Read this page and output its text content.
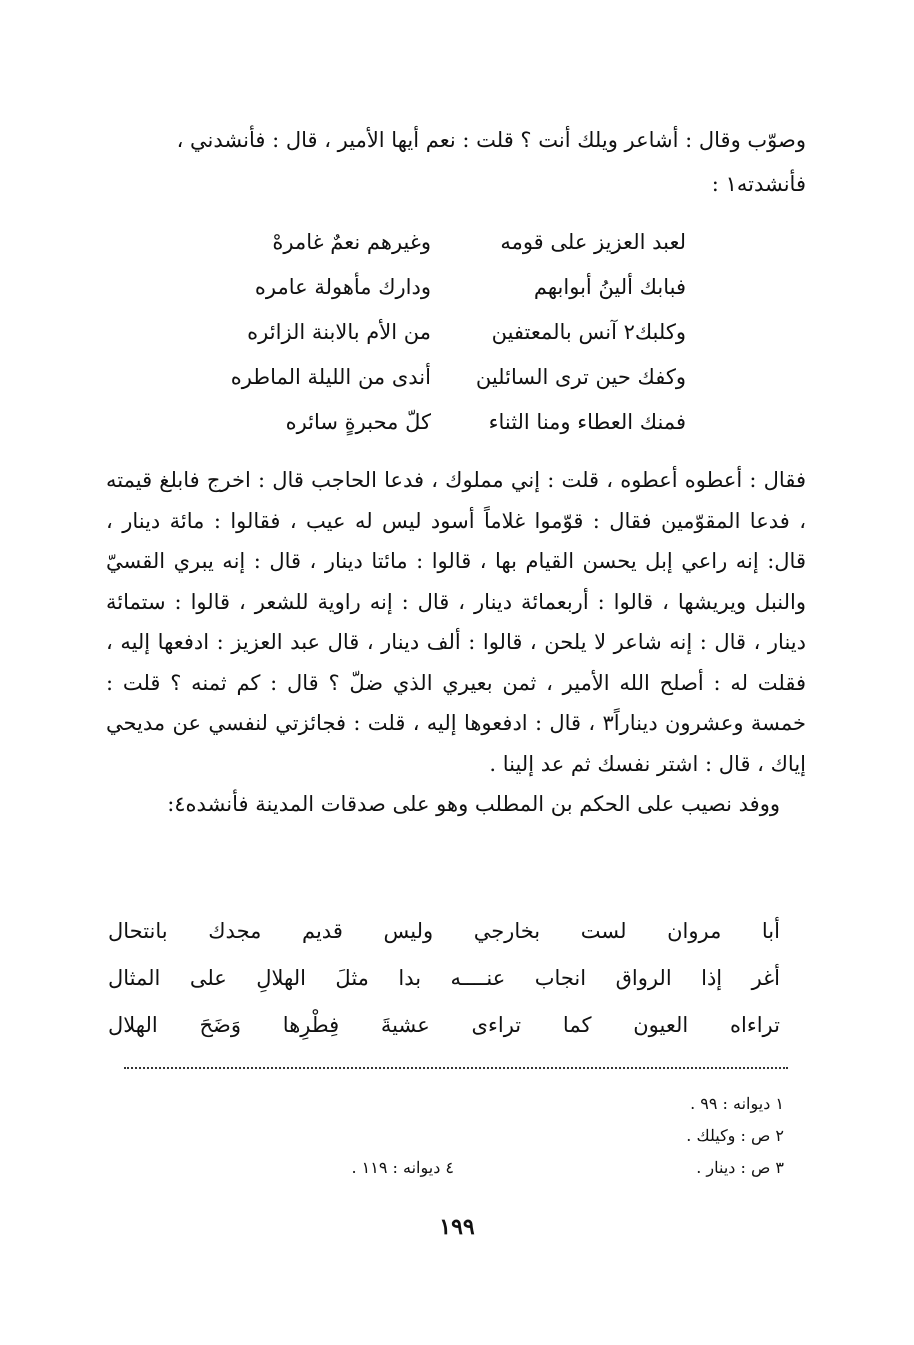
وصوّب وقال : أشاعر ويلك أنت ؟ قلت : نعم أيها الأمير ، قال : فأنشدني ،

فأنشدته١ :

لعبد العزيز على قومه
وغيرهم نعمٌ غامرهْ
فبابك ألينُ أبوابهم
ودارك مأهولة عامره
وكلبك٢ آنس بالمعتفين
من الأم بالابنة الزائره
وكفك حين ترى السائلين
أندى من الليلة الماطره
فمنك العطاء ومنا الثناء
كلّ محبرةٍ سائره

فقال : أعطوه أعطوه ، قلت : إني مملوك ، فدعا الحاجب قال : اخرج فابلغ قيمته ، فدعا المقوّمين فقال : قوّموا غلاماً أسود ليس له عيب ، فقالوا : مائة دينار ، قال: إنه راعي إبل يحسن القيام بها ، قالوا : مائتا دينار ، قال : إنه يبري القسيّ والنبل ويريشها ، قالوا : أربعمائة دينار ، قال : إنه راوية للشعر ، قالوا : ستمائة دينار ، قال : إنه شاعر لا يلحن ، قالوا : ألف دينار ، قال عبد العزيز : ادفعها إليه ، فقلت له : أصلح الله الأمير ، ثمن بعيري الذي ضلّ ؟ قال : كم ثمنه ؟ قلت : خمسة وعشرون ديناراً٣ ، قال : ادفعوها إليه ، قلت : فجائزتي لنفسي عن مديحي إياك ، قال : اشتر نفسك ثم عد إلينا .

ووفد نصيب على الحكم بن المطلب وهو على صدقات المدينة فأنشده٤:

أبا مروان لست بخارجي وليس قديم مجدك بانتحال
أغر إذا الرواق انجاب عنــــه بدا مثلَ الهلالِ على المثال
تراءاه العيون كما تراءى عشيةَ فِطْرِها وَضَحَ الهلال
١ ديوانه : ٩٩ .
٢ ص : وكيلك .
٣ ص : دينار .
٤ ديوانه : ١١٩ .
١٩٩
